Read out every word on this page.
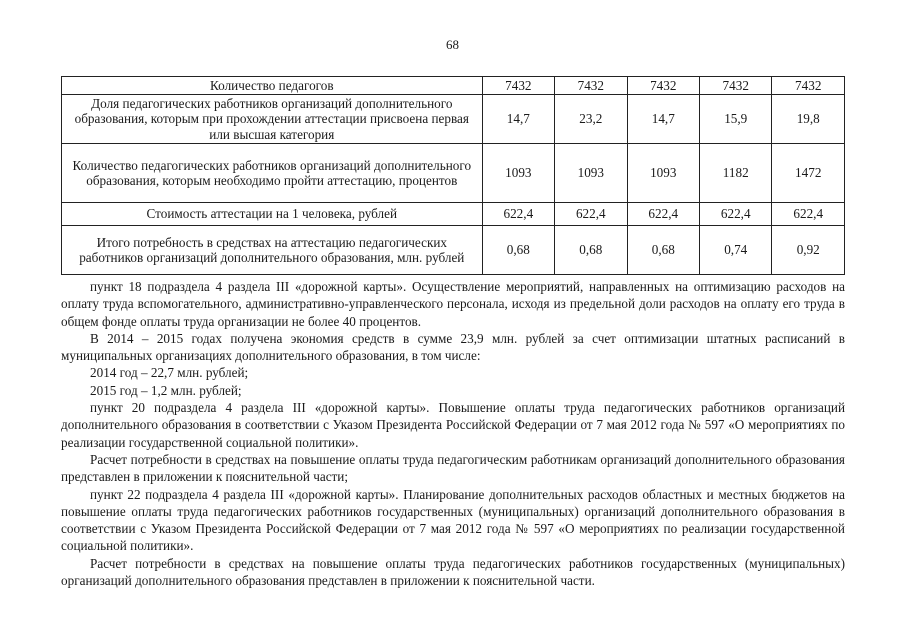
68
Количество педагогов	7432	7432	7432	7432	7432
Доля педагогических работников организаций дополнительного образования, которым при прохождении аттестации присвоена первая или высшая категория	14,7	23,2	14,7	15,9	19,8
Количество педагогических работников организаций дополнительного образования, которым необходимо пройти аттестацию, процентов	1093	1093	1093	1182	1472
Стоимость аттестации на 1 человека, рублей	622,4	622,4	622,4	622,4	622,4
Итого потребность в средствах на аттестацию педагогических работников организаций дополнительного образования, млн. рублей	0,68	0,68	0,68	0,74	0,92

пункт 18 подраздела 4 раздела III «дорожной карты». Осуществление мероприятий, направленных на оптимизацию расходов на оплату труда вспомогательного, административно-управленческого персонала, исходя из предельной доли расходов на оплату его труда в общем фонде оплаты труда организации не более 40 процентов.

В 2014 – 2015 годах получена экономия средств в сумме 23,9 млн. рублей за счет оптимизации штатных расписаний в муниципальных организациях дополнительного образования, в том числе:

2014 год – 22,7 млн. рублей;

2015 год – 1,2 млн. рублей;

пункт 20 подраздела 4 раздела III «дорожной карты». Повышение оплаты труда педагогических работников организаций дополнительного образования в соответствии с Указом Президента Российской Федерации от 7 мая 2012 года № 597 «О мероприятиях по реализации государственной социальной политики».

Расчет потребности в средствах на повышение оплаты труда педагогическим работникам организаций дополнительного образования представлен в приложении к пояснительной части;

пункт 22 подраздела 4 раздела III «дорожной карты». Планирование дополнительных расходов областных и местных бюджетов на повышение оплаты труда педагогических работников государственных (муниципальных) организаций дополнительного образования в соответствии с Указом Президента Российской Федерации от 7 мая 2012 года № 597 «О мероприятиях по реализации государственной социальной политики».

Расчет потребности в средствах на повышение оплаты труда педагогических работников государственных (муниципальных) организаций дополнительного образования представлен в приложении к пояснительной части.
